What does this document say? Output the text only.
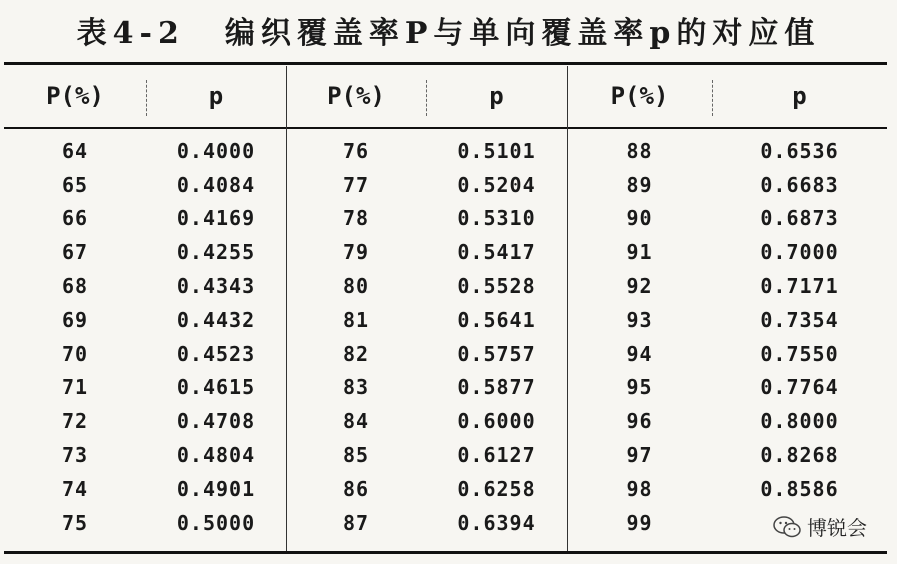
表4-2 编织覆盖率P与单向覆盖率p的对应值
P(%)	p	P(%)	p	P(%)	p
64	0.4000	76	0.5101	88	0.6536
65	0.4084	77	0.5204	89	0.6683
66	0.4169	78	0.5310	90	0.6873
67	0.4255	79	0.5417	91	0.7000
68	0.4343	80	0.5528	92	0.7171
69	0.4432	81	0.5641	93	0.7354
70	0.4523	82	0.5757	94	0.7550
71	0.4615	83	0.5877	95	0.7764
72	0.4708	84	0.6000	96	0.8000
73	0.4804	85	0.6127	97	0.8268
74	0.4901	86	0.6258	98	0.8586
75	0.5000	87	0.6394	99		博锐会
